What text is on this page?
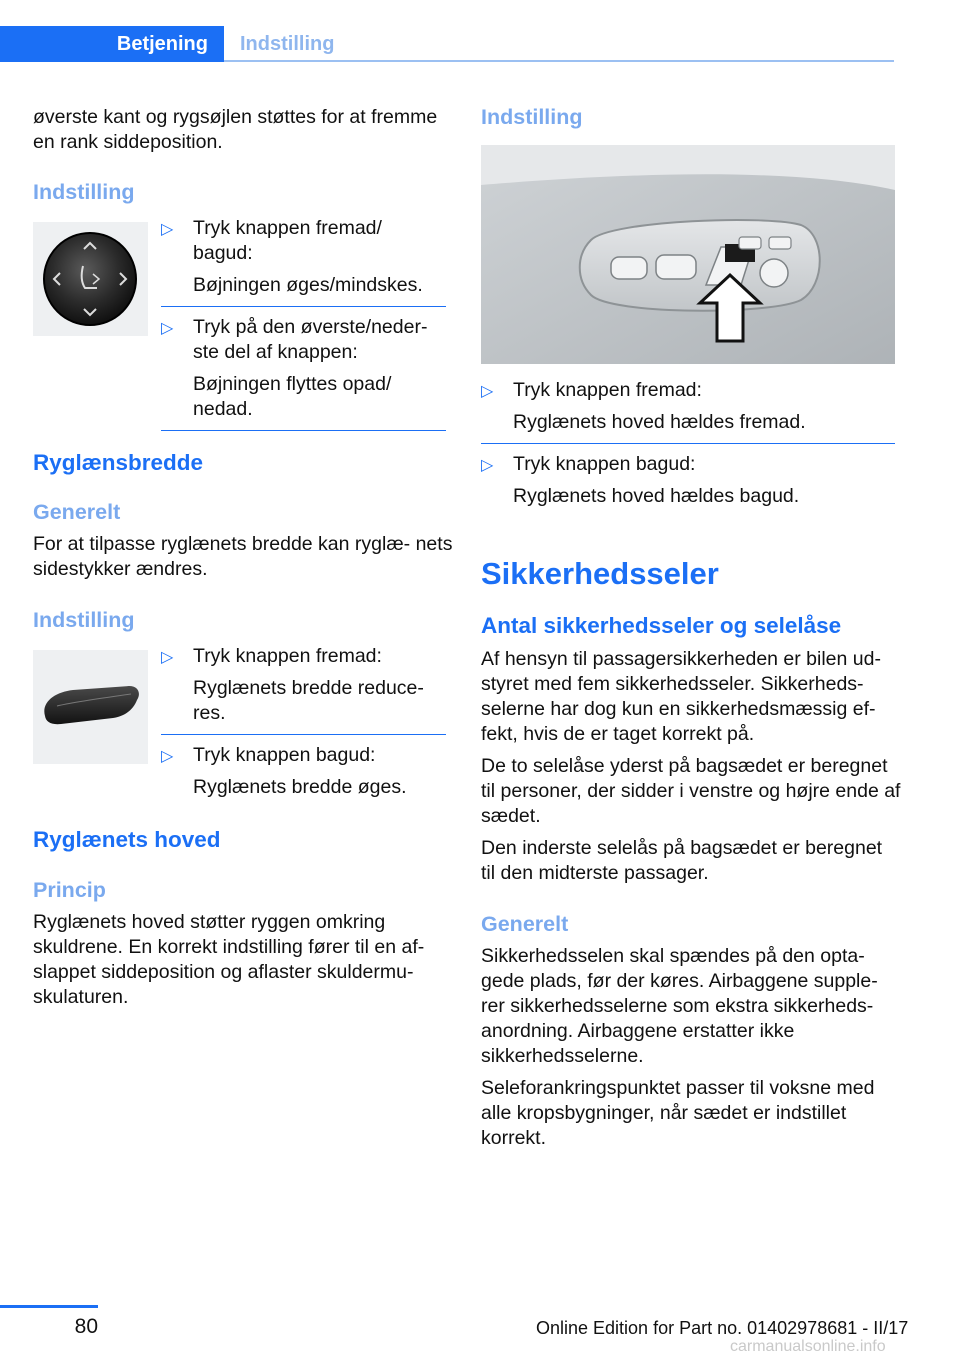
Betjening	Indstilling

øverste kant og rygsøjlen støttes for at fremme en rank siddeposition.

Indstilling
▷ Tryk knappen fremad/ bagud:
Bøjningen øges/mindskes.
▷ Tryk på den øverste/neder- ste del af knappen:
Bøjningen flyttes opad/ nedad.
Ryglænsbredde
Generelt

For at tilpasse ryglænets bredde kan ryglæ- nets sidestykker ændres.

Indstilling
▷ Tryk knappen fremad:
Ryglænets bredde reduce- res.
▷ Tryk knappen bagud:
Ryglænets bredde øges.
Ryglænets hoved
Princip

Ryglænets hoved støtter ryggen omkring skuldrene. En korrekt indstilling fører til en af- slappet siddeposition og aflaster skuldermu- skulaturen.

Indstilling
▷ Tryk knappen fremad:
Ryglænets hoved hældes fremad.
▷ Tryk knappen bagud:
Ryglænets hoved hældes bagud.
Sikkerhedsseler
Antal sikkerhedsseler og selelåse

Af hensyn til passagersikkerheden er bilen ud- styret med fem sikkerhedsseler. Sikkerheds- selerne har dog kun en sikkerhedsmæssig ef- fekt, hvis de er taget korrekt på.

De to selelåse yderst på bagsædet er beregnet til personer, der sidder i venstre og højre ende af sædet.

Den inderste selelås på bagsædet er beregnet til den midterste passager.

Generelt

Sikkerhedsselen skal spændes på den opta- gede plads, før der køres. Airbaggene supple- rer sikkerhedsselerne som ekstra sikkerheds- anordning. Airbaggene erstatter ikke sikkerhedsselerne.

Seleforankringspunktet passer til voksne med alle kropsbygninger, når sædet er indstillet korrekt.

80	Online Edition for Part no. 01402978681 - II/17
carmanualsonline.info
